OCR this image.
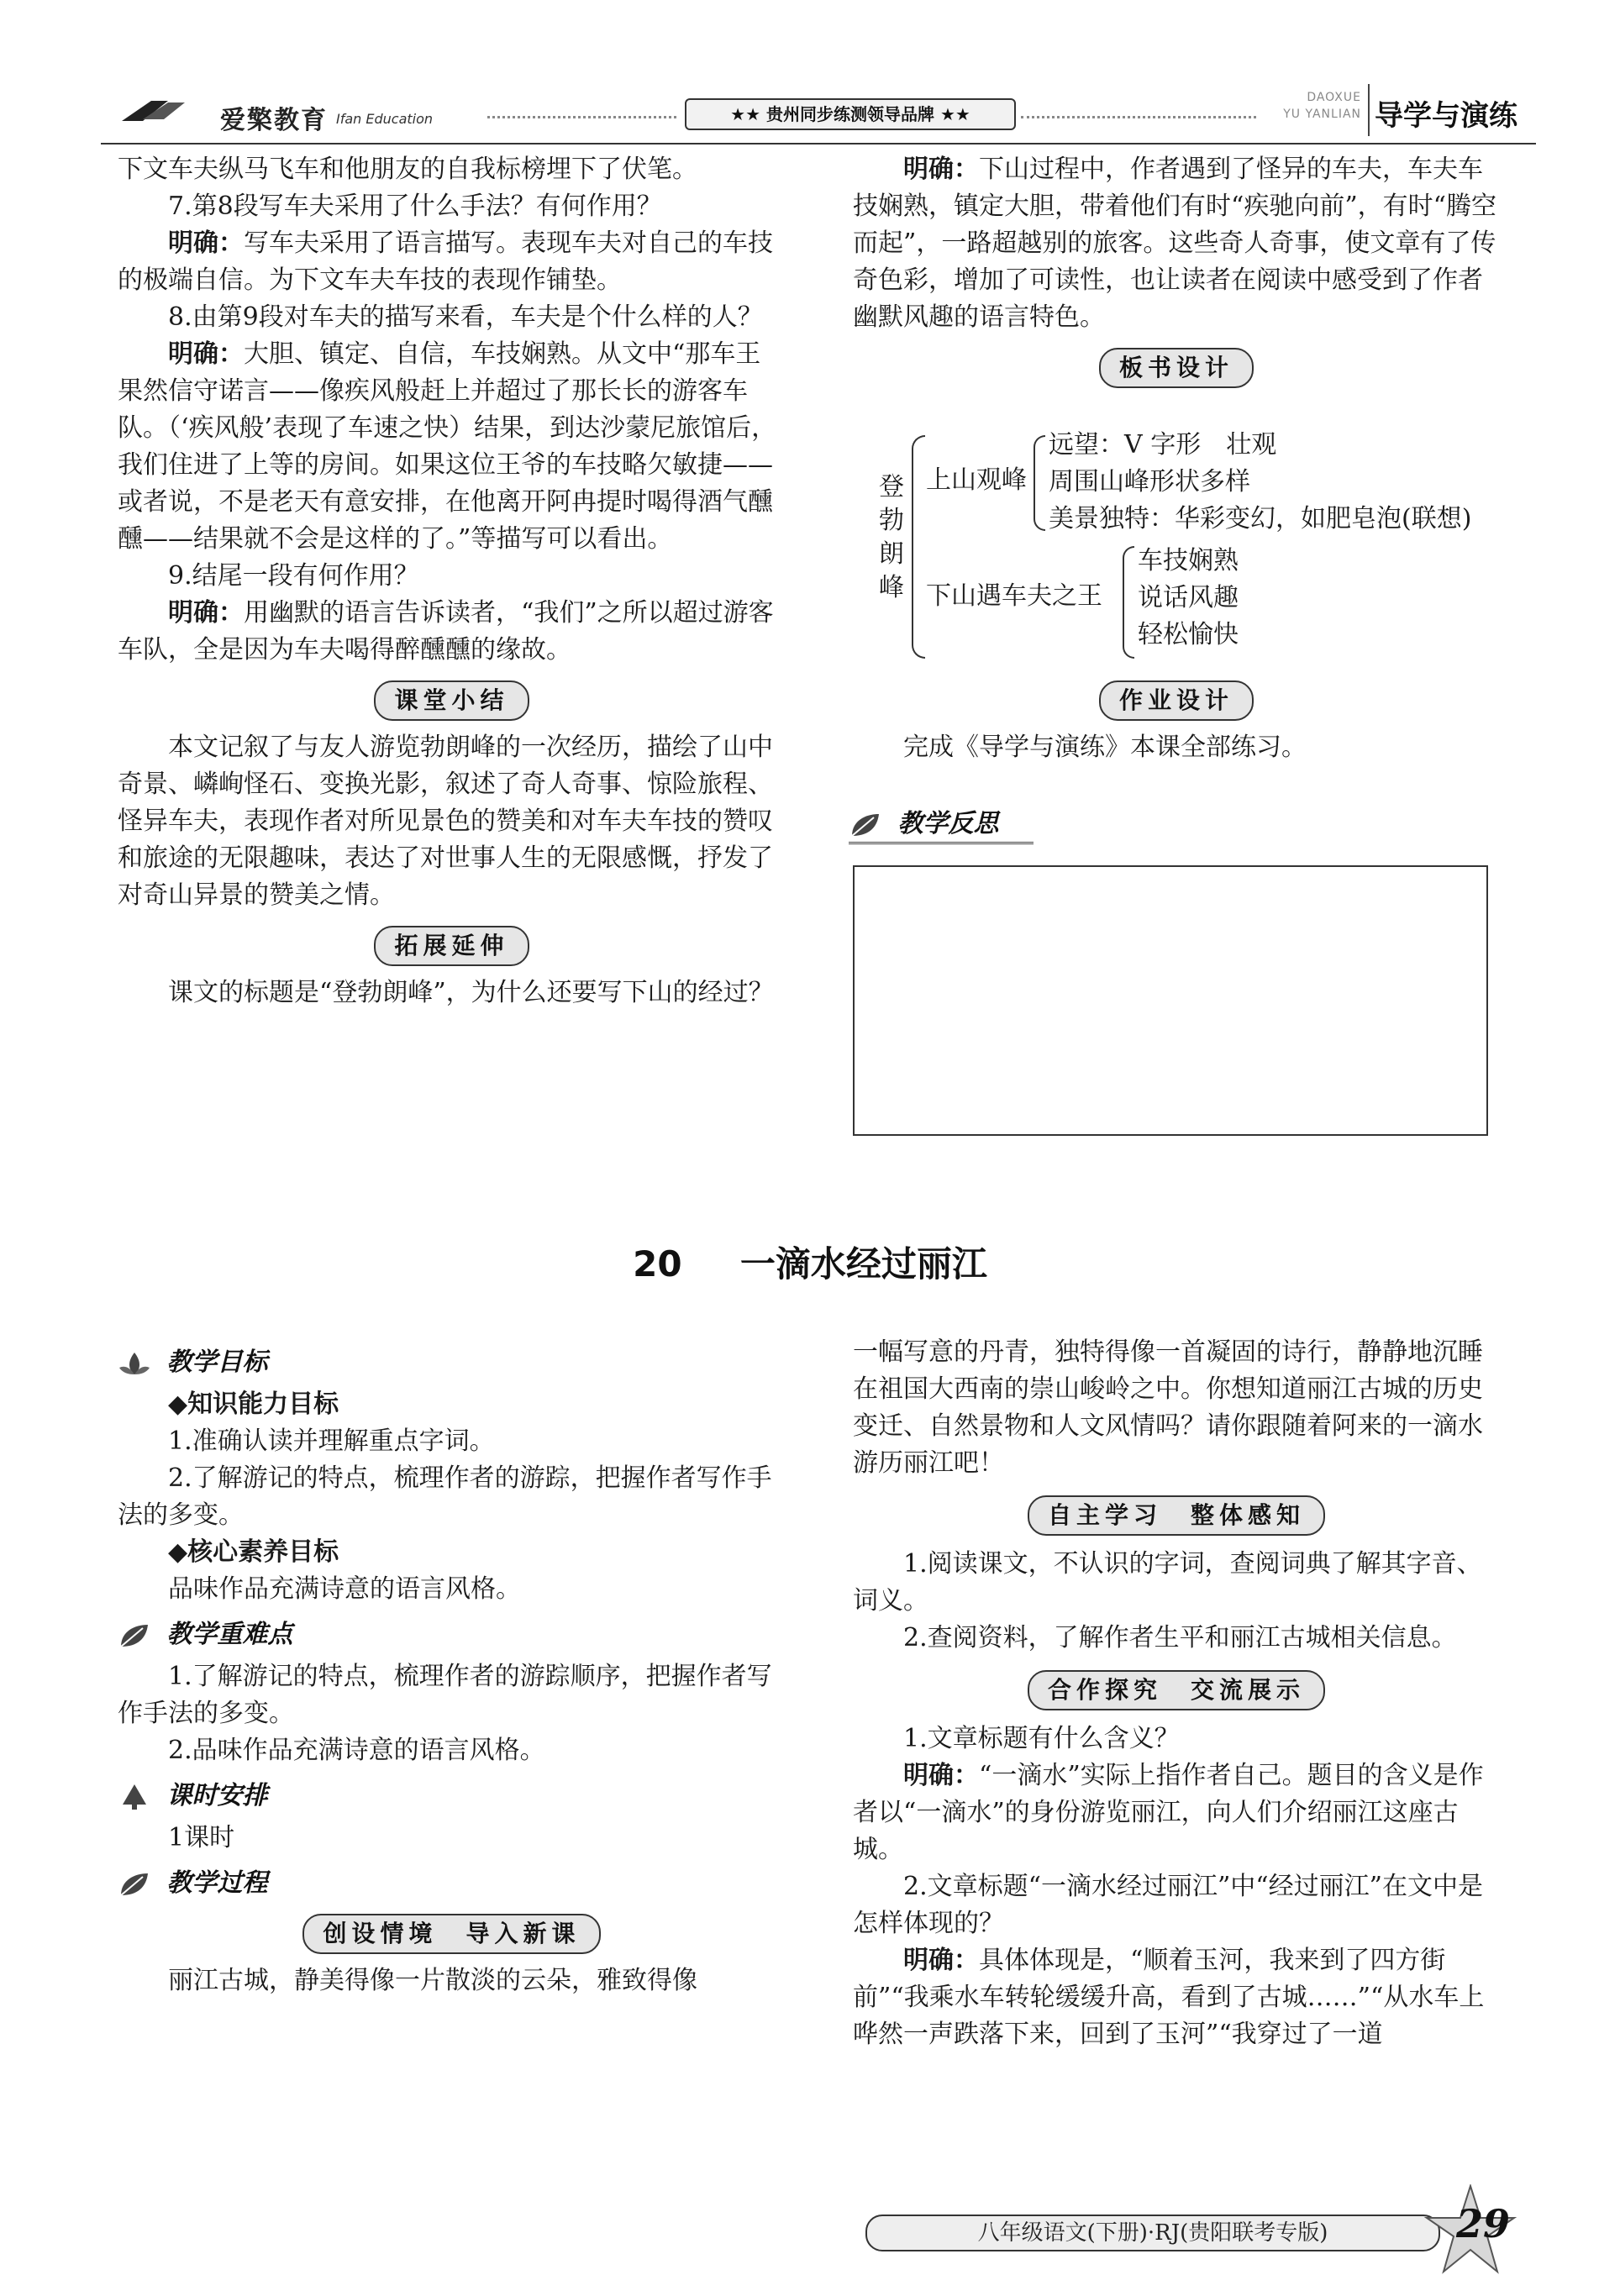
爱檠教育 Ifan Education	★★ 贵州同步练测领导品牌 ★★
DAOXUE
YU YANLIAN 导学与演练

下文车夫纵马飞车和他朋友的自我标榜埋下了伏笔。

7.第8段写车夫采用了什么手法？有何作用？

明确：写车夫采用了语言描写。表现车夫对自己的车技的极端自信。为下文车夫车技的表现作铺垫。

8.由第9段对车夫的描写来看，车夫是个什么样的人？

明确：大胆、镇定、自信，车技娴熟。从文中“那车王果然信守诺言——像疾风般赶上并超过了那长长的游客车队。（‘疾风般’表现了车速之快）结果，到达沙蒙尼旅馆后，我们住进了上等的房间。如果这位王爷的车技略欠敏捷——或者说，不是老天有意安排，在他离开阿冉提时喝得酒气醺醺——结果就不会是这样的了。”等描写可以看出。

9.结尾一段有何作用？

明确：用幽默的语言告诉读者，“我们”之所以超过游客车队，全是因为车夫喝得醉醺醺的缘故。

课堂小结

本文记叙了与友人游览勃朗峰的一次经历，描绘了山中奇景、嶙峋怪石、变换光影，叙述了奇人奇事、惊险旅程、怪异车夫，表现作者对所见景色的赞美和对车夫车技的赞叹和旅途的无限趣味，表达了对世事人生的无限感慨，抒发了对奇山异景的赞美之情。

拓展延伸

课文的标题是“登勃朗峰”，为什么还要写下山的经过？

明确：下山过程中，作者遇到了怪异的车夫，车夫车技娴熟，镇定大胆，带着他们有时“疾驰向前”，有时“腾空而起”，一路超越别的旅客。这些奇人奇事，使文章有了传奇色彩，增加了可读性，也让读者在阅读中感受到了作者幽默风趣的语言特色。

板书设计
登
勃
朗
峰
上山观峰
远望：V 字形　壮观
周围山峰形状多样
美景独特：华彩变幻，如肥皂泡(联想)
下山遇车夫之王
车技娴熟
说话风趣
轻松愉快
作业设计

完成《导学与演练》本课全部练习。

教学反思
20 一滴水经过丽江
教学目标

◆知识能力目标

1.准确认读并理解重点字词。

2.了解游记的特点，梳理作者的游踪，把握作者写作手法的多变。

◆核心素养目标

品味作品充满诗意的语言风格。

教学重难点

1.了解游记的特点，梳理作者的游踪顺序，把握作者写作手法的多变。

2.品味作品充满诗意的语言风格。

课时安排

1课时

教学过程
创设情境　导入新课

丽江古城，静美得像一片散淡的云朵，雅致得像

一幅写意的丹青，独特得像一首凝固的诗行，静静地沉睡在祖国大西南的崇山峻岭之中。你想知道丽江古城的历史变迁、自然景物和人文风情吗？请你跟随着阿来的一滴水游历丽江吧！

自主学习　整体感知

1.阅读课文，不认识的字词，查阅词典了解其字音、词义。

2.查阅资料，了解作者生平和丽江古城相关信息。

合作探究　交流展示

1.文章标题有什么含义？

明确：“一滴水”实际上指作者自己。题目的含义是作者以“一滴水”的身份游览丽江，向人们介绍丽江这座古城。

2.文章标题“一滴水经过丽江”中“经过丽江”在文中是怎样体现的？

明确：具体体现是，“顺着玉河，我来到了四方街前”“我乘水车转轮缓缓升高，看到了古城……”“从水车上哗然一声跌落下来，回到了玉河”“我穿过了一道

八年级语文(下册)·RJ(贵阳联考专版)	29
